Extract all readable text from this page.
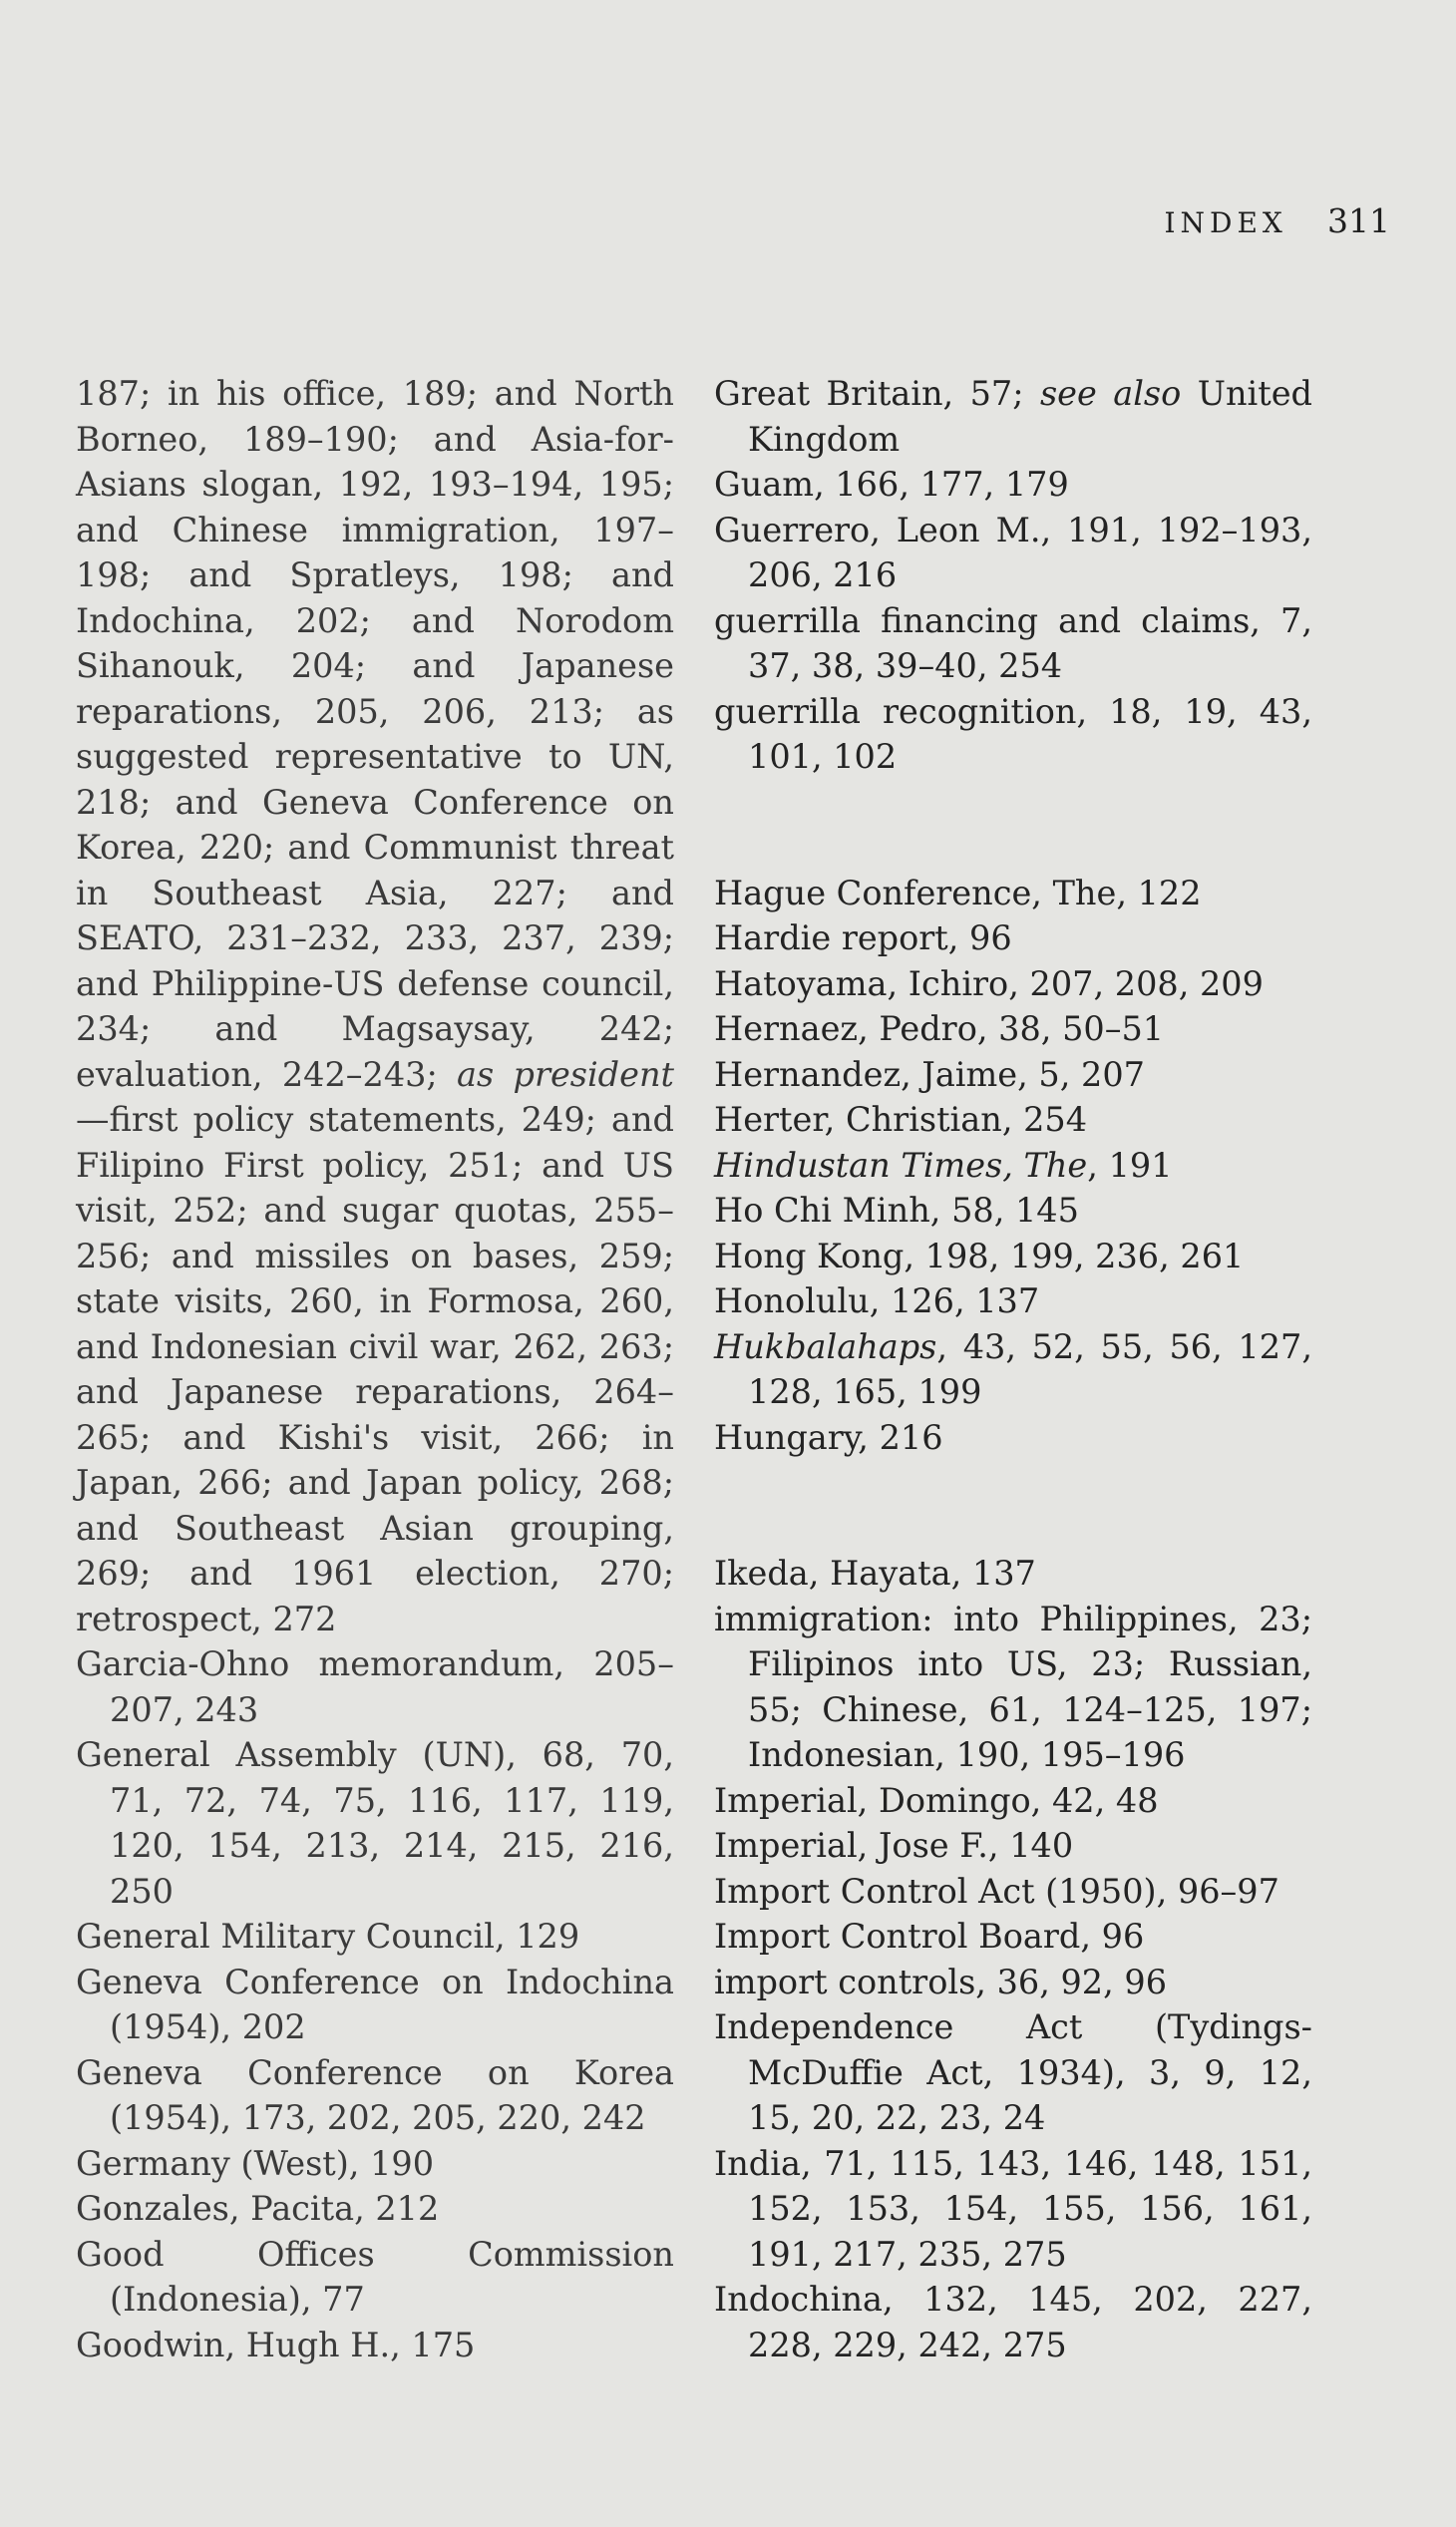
INDEX 311

187; in his office, 189; and North Borneo, 189–190; and Asia-for-Asians slogan, 192, 193–194, 195; and Chinese immigration, 197–198; and Spratleys, 198; and Indochina, 202; and Norodom Sihanouk, 204; and Japanese reparations, 205, 206, 213; as suggested representative to UN, 218; and Geneva Conference on Korea, 220; and Communist threat in Southeast Asia, 227; and SEATO, 231–232, 233, 237, 239; and Philippine-US defense council, 234; and Magsaysay, 242; evaluation, 242–243; as president—first policy statements, 249; and Filipino First policy, 251; and US visit, 252; and sugar quotas, 255–256; and missiles on bases, 259; state visits, 260, in Formosa, 260, and Indonesian civil war, 262, 263; and Japanese reparations, 264–265; and Kishi's visit, 266; in Japan, 266; and Japan policy, 268; and Southeast Asian grouping, 269; and 1961 election, 270; retrospect, 272

Garcia-Ohno memorandum, 205–207, 243

General Assembly (UN), 68, 70, 71, 72, 74, 75, 116, 117, 119, 120, 154, 213, 214, 215, 216, 250

General Military Council, 129

Geneva Conference on Indochina (1954), 202

Geneva Conference on Korea (1954), 173, 202, 205, 220, 242

Germany (West), 190

Gonzales, Pacita, 212

Good Offices Commission (Indonesia), 77

Goodwin, Hugh H., 175

Great Britain, 57; see also United Kingdom

Guam, 166, 177, 179

Guerrero, Leon M., 191, 192–193, 206, 216

guerrilla financing and claims, 7, 37, 38, 39–40, 254

guerrilla recognition, 18, 19, 43, 101, 102

Hague Conference, The, 122

Hardie report, 96

Hatoyama, Ichiro, 207, 208, 209

Hernaez, Pedro, 38, 50–51

Hernandez, Jaime, 5, 207

Herter, Christian, 254

Hindustan Times, The, 191

Ho Chi Minh, 58, 145

Hong Kong, 198, 199, 236, 261

Honolulu, 126, 137

Hukbalahaps, 43, 52, 55, 56, 127, 128, 165, 199

Hungary, 216

Ikeda, Hayata, 137

immigration: into Philippines, 23; Filipinos into US, 23; Russian, 55; Chinese, 61, 124–125, 197; Indonesian, 190, 195–196

Imperial, Domingo, 42, 48

Imperial, Jose F., 140

Import Control Act (1950), 96–97

Import Control Board, 96

import controls, 36, 92, 96

Independence Act (Tydings-McDuffie Act, 1934), 3, 9, 12, 15, 20, 22, 23, 24

India, 71, 115, 143, 146, 148, 151, 152, 153, 154, 155, 156, 161, 191, 217, 235, 275

Indochina, 132, 145, 202, 227, 228, 229, 242, 275
